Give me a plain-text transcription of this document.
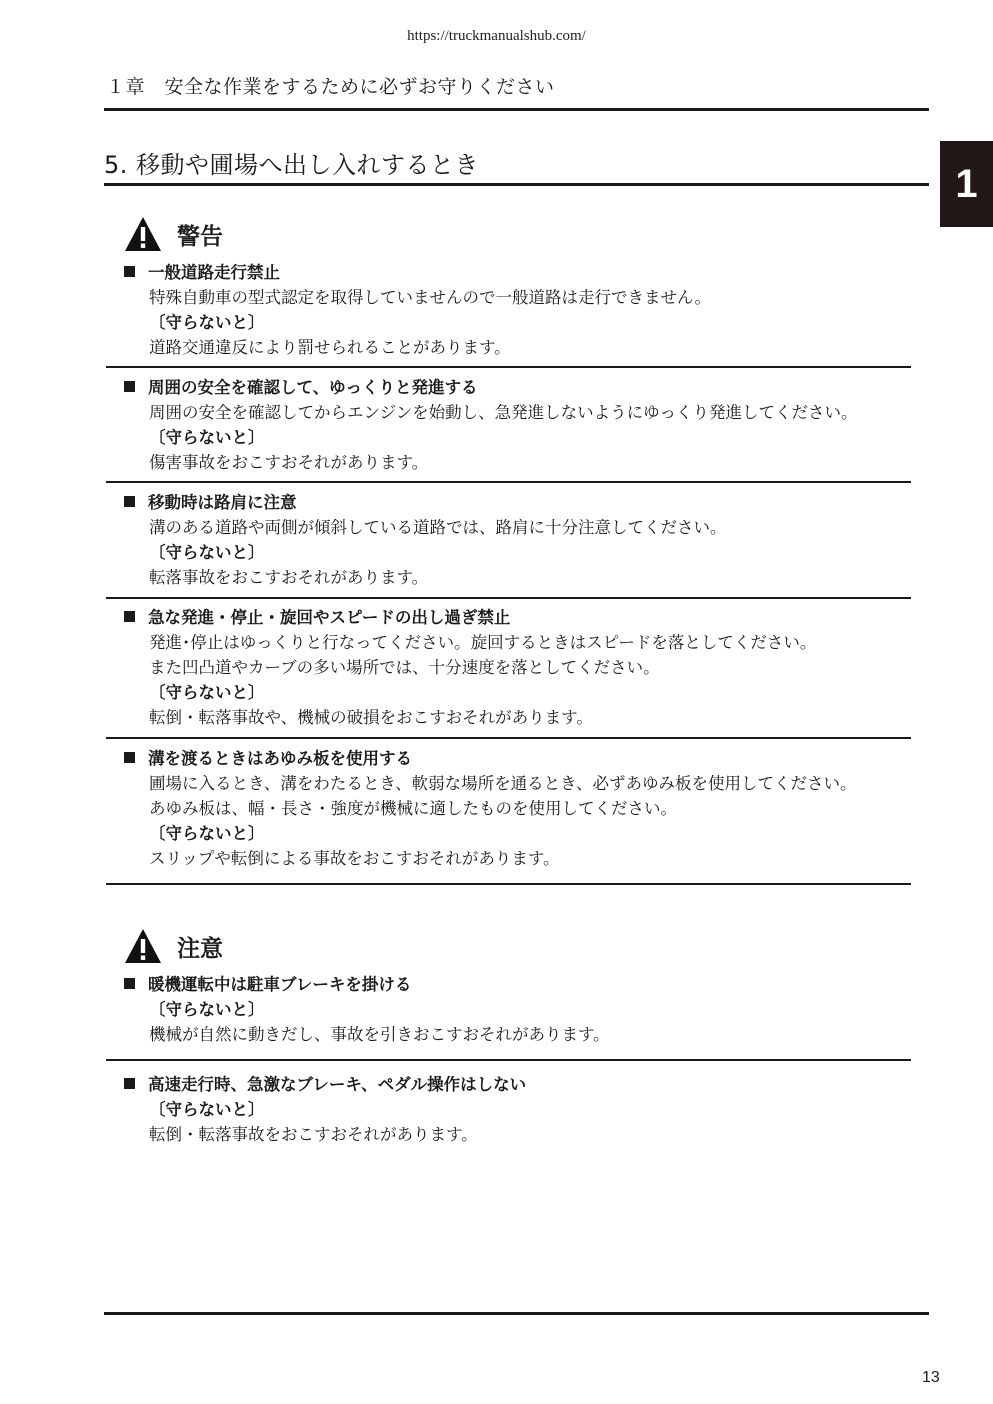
https://truckmanualshub.com/
１章　安全な作業をするために必ずお守りください
5. 移動や圃場へ出し入れするとき	1
警告
一般道路走行禁止
特殊自動車の型式認定を取得していませんので一般道路は走行できません。
〔守らないと〕
道路交通違反により罰せられることがあります。
周囲の安全を確認して、ゆっくりと発進する
周囲の安全を確認してからエンジンを始動し、急発進しないようにゆっくり発進してください。
〔守らないと〕
傷害事故をおこすおそれがあります。
移動時は路肩に注意
溝のある道路や両側が傾斜している道路では、路肩に十分注意してください。
〔守らないと〕
転落事故をおこすおそれがあります。
急な発進・停止・旋回やスピードの出し過ぎ禁止
発進･停止はゆっくりと行なってください。旋回するときはスピードを落としてください。
また凹凸道やカーブの多い場所では、十分速度を落としてください。
〔守らないと〕
転倒・転落事故や、機械の破損をおこすおそれがあります。
溝を渡るときはあゆみ板を使用する
圃場に入るとき、溝をわたるとき、軟弱な場所を通るとき、必ずあゆみ板を使用してください。
あゆみ板は、幅・長さ・強度が機械に適したものを使用してください。
〔守らないと〕
スリップや転倒による事故をおこすおそれがあります。
注意
暖機運転中は駐車ブレーキを掛ける
〔守らないと〕
機械が自然に動きだし、事故を引きおこすおそれがあります。
高速走行時、急激なブレーキ、ペダル操作はしない
〔守らないと〕
転倒・転落事故をおこすおそれがあります。
13
